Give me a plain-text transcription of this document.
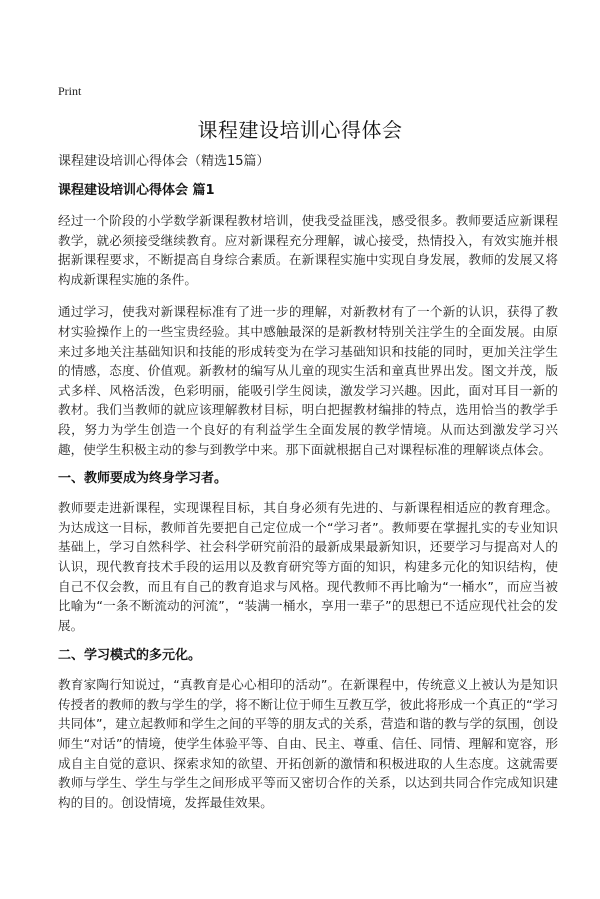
Print
课程建设培训心得体会

课程建设培训心得体会（精选15篇）

课程建设培训心得体会 篇1

经过一个阶段的小学数学新课程教材培训，使我受益匪浅，感受很多。教师要适应新课程教学，就必须接受继续教育。应对新课程充分理解，诚心接受，热情投入，有效实施并根据新课程要求，不断提高自身综合素质。在新课程实施中实现自身发展，教师的发展又将构成新课程实施的条件。

通过学习，使我对新课程标准有了进一步的理解，对新教材有了一个新的认识，获得了教材实验操作上的一些宝贵经验。其中感触最深的是新教材特别关注学生的全面发展。由原来过多地关注基础知识和技能的形成转变为在学习基础知识和技能的同时，更加关注学生的情感，态度、价值观。新教材的编写从儿童的现实生活和童真世界出发。图文并茂，版式多样、风格活泼，色彩明丽，能吸引学生阅读，激发学习兴趣。因此，面对耳目一新的教材。我们当教师的就应该理解教材目标，明白把握教材编排的特点，选用恰当的教学手段，努力为学生创造一个良好的有利益学生全面发展的教学情境。从而达到激发学习兴趣，使学生积极主动的参与到教学中来。那下面就根据自己对课程标准的理解谈点体会。

一、教师要成为终身学习者。

教师要走进新课程，实现课程目标，其自身必须有先进的、与新课程相适应的教育理念。为达成这一目标，教师首先要把自己定位成一个“学习者”。教师要在掌握扎实的专业知识基础上，学习自然科学、社会科学研究前沿的最新成果最新知识，还要学习与提高对人的认识，现代教育技术手段的运用以及教育研究等方面的知识，构建多元化的知识结构，使自己不仅会教，而且有自己的教育追求与风格。现代教师不再比喻为“一桶水”，而应当被比喻为“一条不断流动的河流”，“装满一桶水，享用一辈子”的思想已不适应现代社会的发展。

二、学习模式的多元化。

教育家陶行知说过，“真教育是心心相印的活动”。在新课程中，传统意义上被认为是知识传授者的教师的教与学生的学，将不断让位于师生互教互学，彼此将形成一个真正的“学习共同体”，建立起教师和学生之间的平等的朋友式的关系，营造和谐的教与学的氛围，创设师生“对话”的情境，使学生体验平等、自由、民主、尊重、信任、同情、理解和宽容，形成自主自觉的意识、探索求知的欲望、开拓创新的激情和积极进取的人生态度。这就需要教师与学生、学生与学生之间形成平等而又密切合作的关系，以达到共同合作完成知识建构的目的。创设情境，发挥最佳效果。
